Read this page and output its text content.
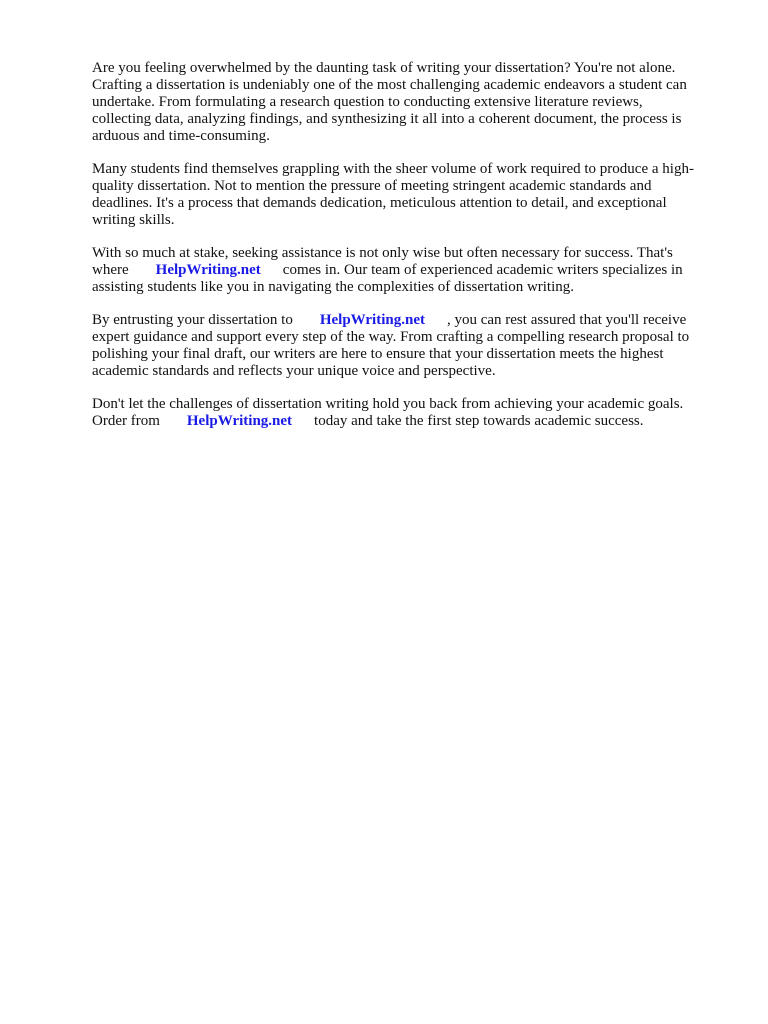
Are you feeling overwhelmed by the daunting task of writing your dissertation? You're not alone.
Crafting a dissertation is undeniably one of the most challenging academic endeavors a student can
undertake. From formulating a research question to conducting extensive literature reviews,
collecting data, analyzing findings, and synthesizing it all into a coherent document, the process is
arduous and time-consuming.

Many students find themselves grappling with the sheer volume of work required to produce a high-
quality dissertation. Not to mention the pressure of meeting stringent academic standards and
deadlines. It's a process that demands dedication, meticulous attention to detail, and exceptional
writing skills.

With so much at stake, seeking assistance is not only wise but often necessary for success. That's
where HelpWriting.net comes in. Our team of experienced academic writers specializes in
assisting students like you in navigating the complexities of dissertation writing.

By entrusting your dissertation to HelpWriting.net , you can rest assured that you'll receive
expert guidance and support every step of the way. From crafting a compelling research proposal to
polishing your final draft, our writers are here to ensure that your dissertation meets the highest
academic standards and reflects your unique voice and perspective.

Don't let the challenges of dissertation writing hold you back from achieving your academic goals.
Order from HelpWriting.net today and take the first step towards academic success.
